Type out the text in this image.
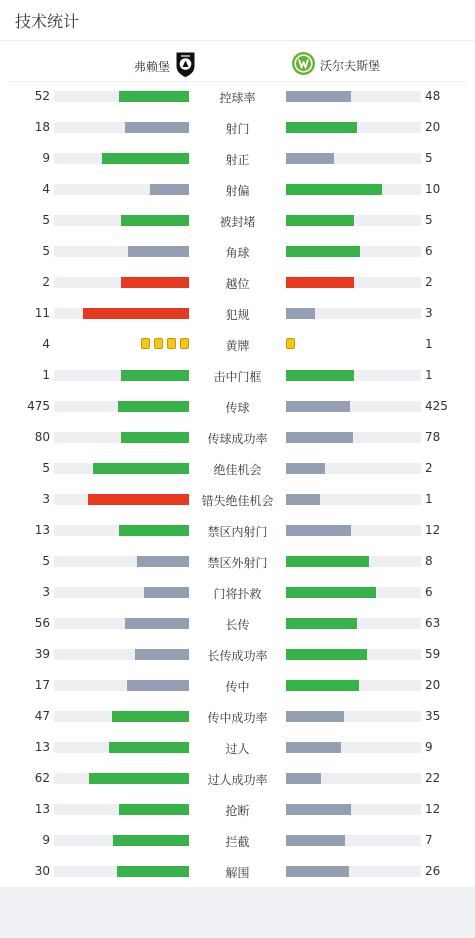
技术统计
弗赖堡	沃尔夫斯堡
52	控球率	48
18	射门	20
9	射正	5
4	射偏	10
5	被封堵	5
5	角球	6
2	越位	2
11	犯规	3
4	黄牌	1
1	击中门框	1
475	传球	425
80	传球成功率	78
5	绝佳机会	2
3	错失绝佳机会	1
13	禁区内射门	12
5	禁区外射门	8
3	门将扑救	6
56	长传	63
39	长传成功率	59
17	传中	20
47	传中成功率	35
13	过人	9
62	过人成功率	22
13	抢断	12
9	拦截	7
30	解围	26
